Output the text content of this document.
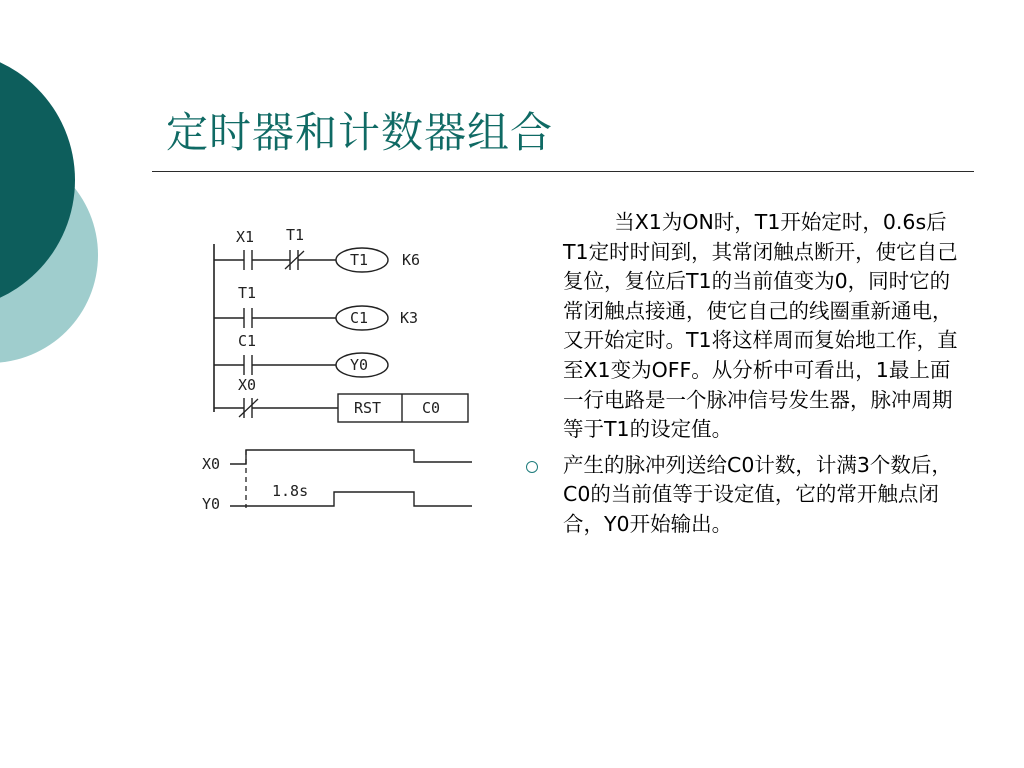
定时器和计数器组合
X1 T1
T1 K6
T1
C1 K3
C1
Y0
X0
RST	C0
X0
Y0
1.8s

当X1为ON时，T1开始定时，0.6s后T1定时时间到，其常闭触点断开，使它自己复位，复位后T1的当前值变为0，同时它的常闭触点接通，使它自己的线圈重新通电，又开始定时。T1将这样周而复始地工作，直至X1变为OFF。从分析中可看出，1最上面一行电路是一个脉冲信号发生器，脉冲周期等于T1的设定值。

产生的脉冲列送给C0计数，计满3个数后，C0的当前值等于设定值，它的常开触点闭合，Y0开始输出。
